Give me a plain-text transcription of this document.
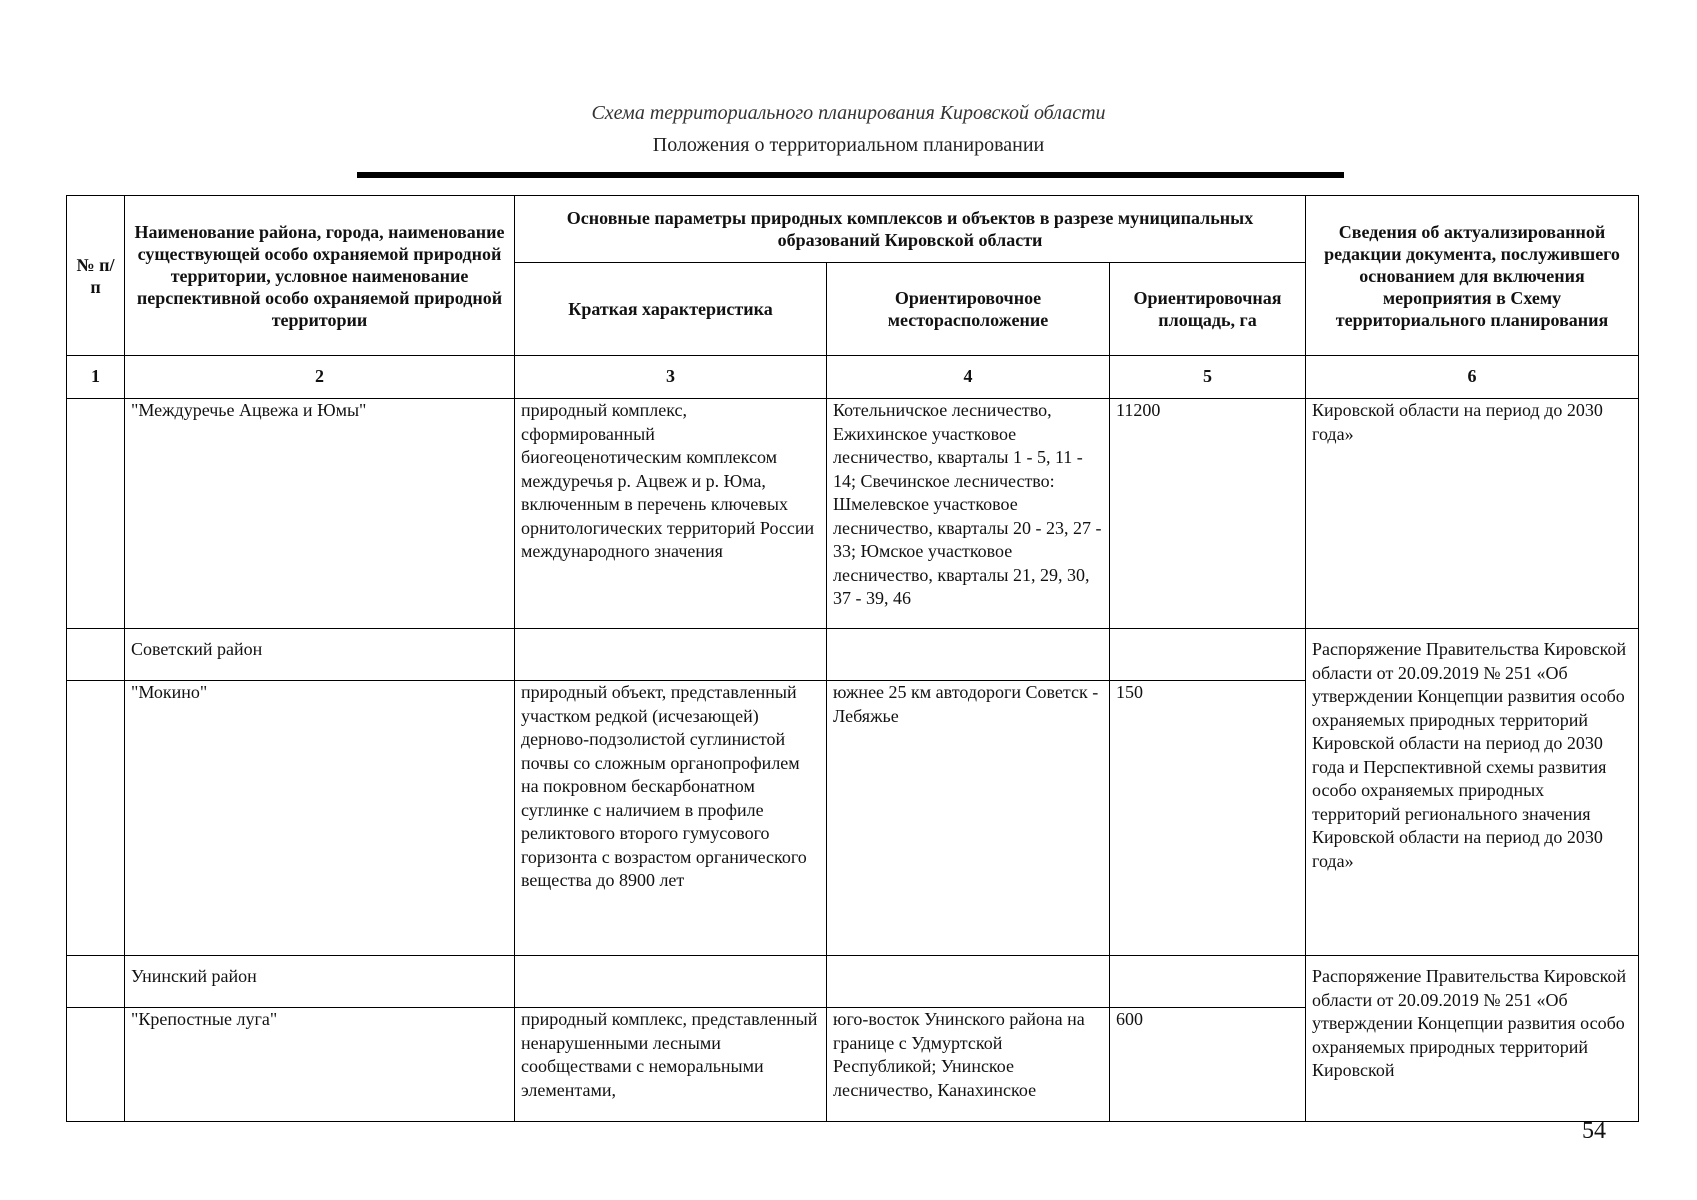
Схема территориального планирования Кировской области
Положения о территориальном планировании
№ п/п	Наименование района, города, наименование существующей особо охраняемой природной территории, условное наименование перспективной особо охраняемой природной территории	Основные параметры природных комплексов и объектов в разрезе муниципальных образований Кировской области			Сведения об актуализированной редакции документа, послужившего основанием для включения мероприятия в Схему территориального планирования
		Краткая характеристика	Ориентировочное месторасположение	Ориентировочная площадь, га	
1	2	3	4	5	6
	"Междуречье Ацвежа и Юмы"	природный комплекс, сформированный биогеоценотическим комплексом междуречья р. Ацвеж и р. Юма, включенным в перечень ключевых орнитологических территорий России международного значения	Котельничское лесничество, Ежихинское участковое лесничество, кварталы 1 - 5, 11 - 14; Свечинское лесничество: Шмелевское участковое лесничество, кварталы 20 - 23, 27 - 33; Юмское участковое лесничество, кварталы 21, 29, 30, 37 - 39, 46	11200	Кировской области на период до 2030 года»
	Советский район				Распоряжение Правительства Кировской области от 20.09.2019 № 251 «Об утверждении Концепции развития особо охраняемых природных территорий Кировской области на период до 2030 года и Перспективной схемы развития особо охраняемых природных территорий регионального значения Кировской области на период до 2030 года»
	"Мокино"	природный объект, представленный участком редкой (исчезающей) дерново-подзолистой суглинистой почвы со сложным органопрофилем на покровном бескарбонатном суглинке с наличием в профиле реликтового второго гумусового горизонта с возрастом органического вещества до 8900 лет	южнее 25 км автодороги Советск - Лебяжье	150	
	Унинский район				Распоряжение Правительства Кировской области от 20.09.2019 № 251 «Об утверждении Концепции развития особо охраняемых природных территорий Кировской
	"Крепостные луга"	природный комплекс, представленный ненарушенными лесными сообществами с неморальными элементами,	юго-восток Унинского района на границе с Удмуртской Республикой; Унинское лесничество, Канахинское	600	
54
